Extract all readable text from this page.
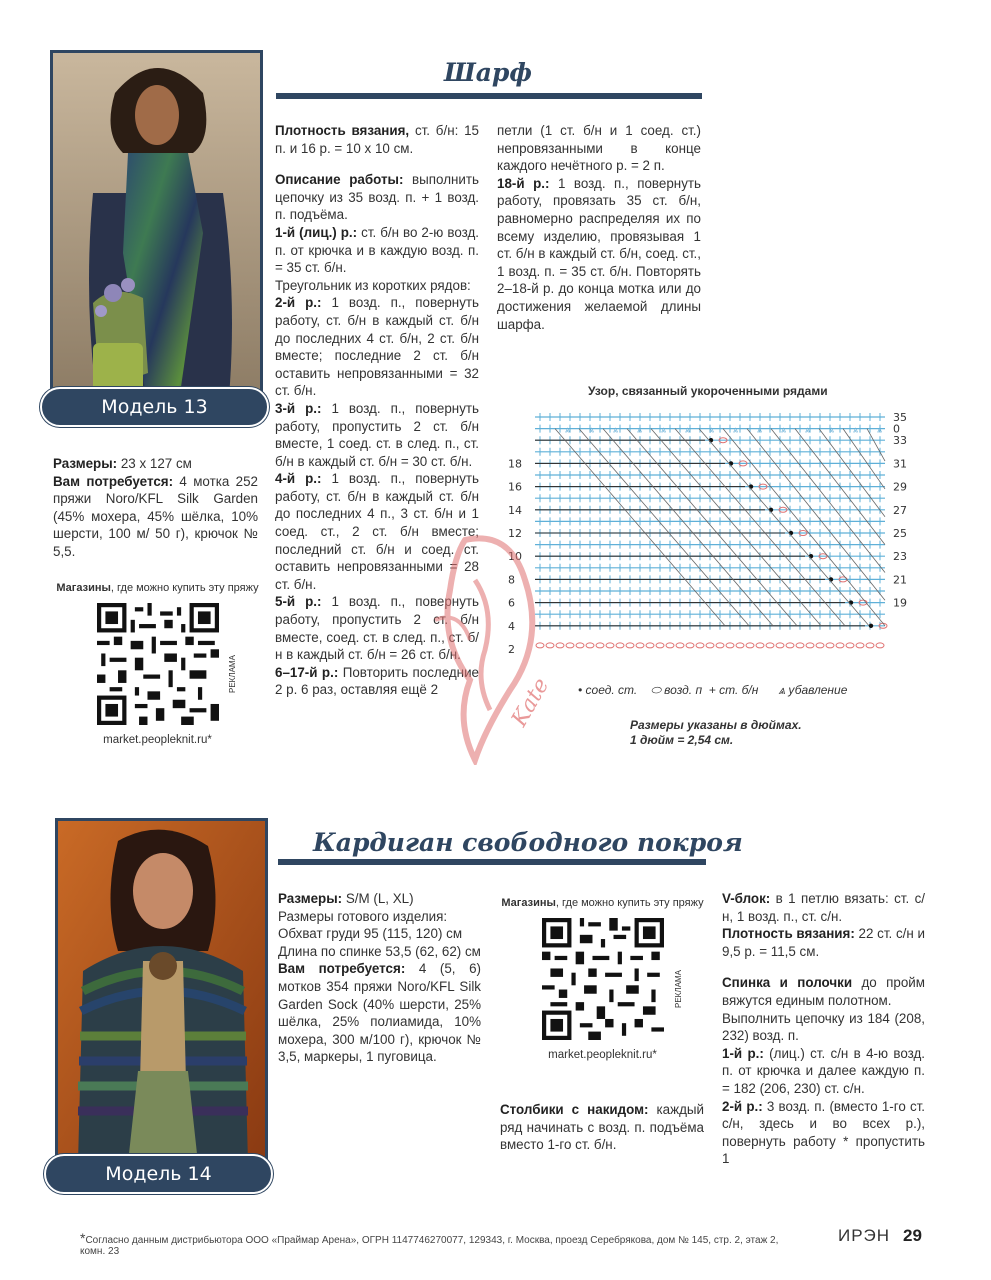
Модель 13
Шарф

Размеры: 23 х 127 см

Вам потребуется: 4 мотка 252 пряжи Noro/KFL Silk Garden (45% мохера, 45% шёлка, 10% шерсти, 100 м/ 50 г), крючок № 5,5.

Магазины, где можно купить эту пряжу
РЕКЛАМА
market.peopleknit.ru*

Плотность вязания, ст. б/н: 15 п. и 16 р. = 10 х 10 см.

Описание работы: выполнить цепочку из 35 возд. п. + 1 возд. п. подъёма.

1-й (лиц.) р.: ст. б/н во 2-ю возд. п. от крючка и в каждую возд. п. = 35 ст. б/н.

Треугольник из коротких рядов:

2-й р.: 1 возд. п., повернуть работу, ст. б/н в каждый ст. б/н до последних 4 ст. б/н, 2 ст. б/н вместе; последние 2 ст. б/н оставить непровязанными = 32 ст. б/н.

3-й р.: 1 возд. п., повернуть работу, пропустить 2 ст. б/н вместе, 1 соед. ст. в след. п., ст. б/н в каждый ст. б/н = 30 ст. б/н.

4-й р.: 1 возд. п., повернуть работу, ст. б/н в каждый ст. б/н до последних 4 п., 3 ст. б/н и 1 соед. ст., 2 ст. б/н вместе; последний ст. б/н и соед. ст. оставить непровязанными = 28 ст. б/н.

5-й р.: 1 возд. п., повернуть работу, пропустить 2 ст. б/н вместе, соед. ст. в след. п., ст. б/н в каждый ст. б/н = 26 ст. б/н.

6–17-й р.: Повторить последние 2 р. 6 раз, оставляя ещё 2

петли (1 ст. б/н и 1 соед. ст.) непровязанными в конце каждого нечётного р. = 2 п.

18-й р.: 1 возд. п., повернуть работу, провязать 35 ст. б/н, равномерно распределяя их по всему изделию, провязывая 1 ст. б/н в каждый ст. б/н, соед. ст., 1 возд. п. = 35 ст. б/н. Повторять 2–18-й р. до конца мотка или до достижения желаемой длины шарфа.

Узор, связанный укороченными рядами
⩓ ⩓ ⩓ ⩓ ⩓ ⩓ ⩓ ⩓ ⩓ ⩓ ⩓ ⩓ ⩓ ⩓
35
0
33
31
29
27
25
23
21
19
18
16
14
12
10
8
6
4
2
• соед. ст. ⬭ возд. п + ст. б/н ⩓ убавление
Размеры указаны в дюймах.
1 дюйм = 2,54 см.
Kate
Модель 14
Кардиган свободного покроя

Размеры: S/M (L, XL)

Размеры готового изделия:

Обхват груди 95 (115, 120) см

Длина по спинке 53,5 (62, 62) см

Вам потребуется: 4 (5, 6) мотков 354 пряжи Noro/KFL Silk Garden Sock (40% шерсти, 25% шёлка, 25% полиамида, 10% мохера, 300 м/100 г), крючок № 3,5, маркеры, 1 пуговица.

Магазины, где можно купить эту пряжу
РЕКЛАМА
market.peopleknit.ru*

Столбики с накидом: каждый ряд начинать с возд. п. подъёма вместо 1-го ст. б/н.

V-блок: в 1 петлю вязать: ст. с/н, 1 возд. п., ст. с/н.

Плотность вязания: 22 ст. с/н и 9,5 р. = 11,5 см.

Спинка и полочки до пройм вяжутся единым полотном.

Выполнить цепочку из 184 (208, 232) возд. п.

1-й р.: (лиц.) ст. с/н в 4-ю возд. п. от крючка и далее каждую п. = 182 (206, 230) ст. с/н.

2-й р.: 3 возд. п. (вместо 1-го ст. с/н, здесь и во всех р.), повернуть работу * пропустить 1

*Согласно данным дистрибьютора ООО «Праймар Арена», ОГРН 1147746270077, 129343, г. Москва, проезд Серебрякова, дом № 145, стр. 2, этаж 2, комн. 23
ИРЭН 29
